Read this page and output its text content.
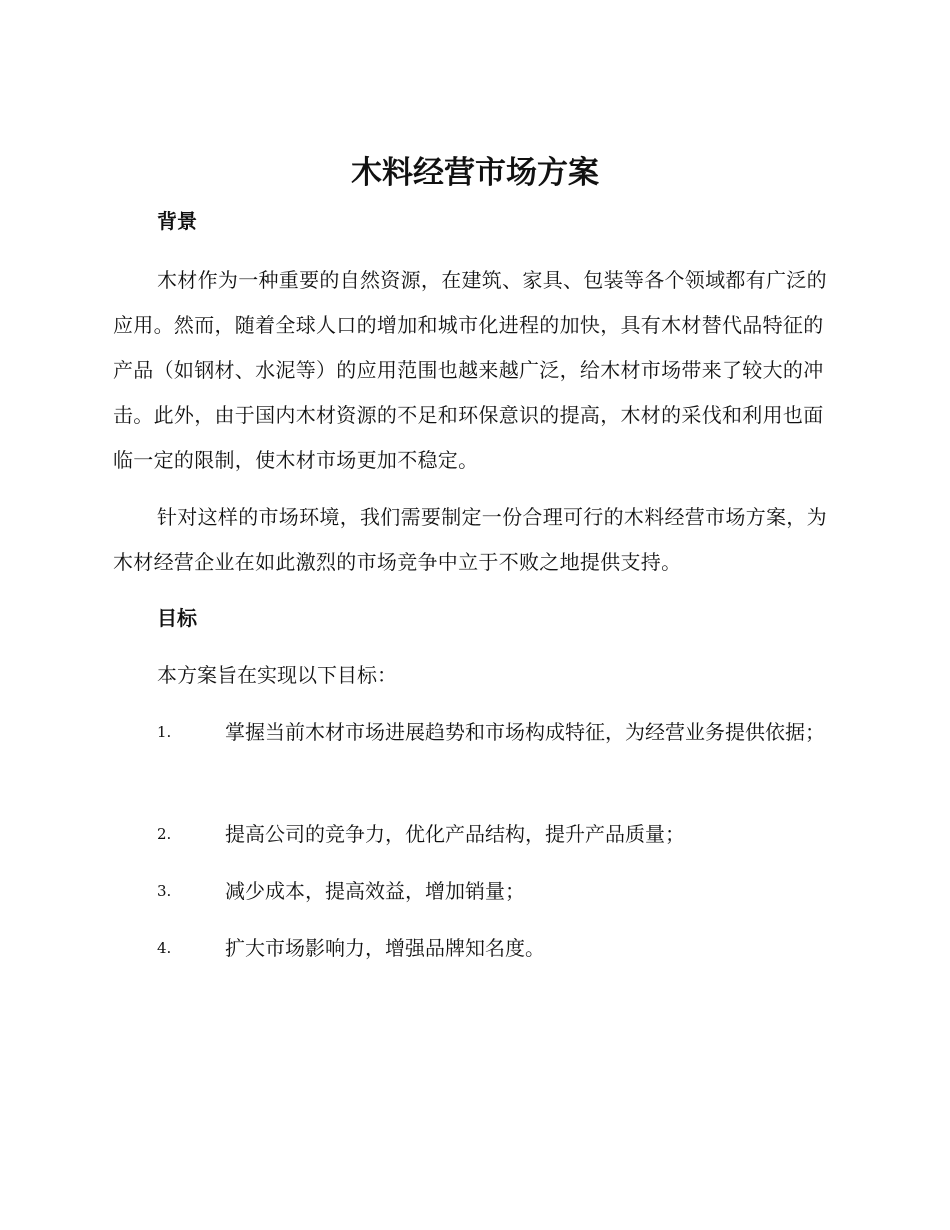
木料经营市场方案
背景

木材作为一种重要的自然资源，在建筑、家具、包装等各个领域都有广泛的应用。然而，随着全球人口的增加和城市化进程的加快，具有木材替代品特征的产品（如钢材、水泥等）的应用范围也越来越广泛，给木材市场带来了较大的冲击。此外，由于国内木材资源的不足和环保意识的提高，木材的采伐和利用也面临一定的限制，使木材市场更加不稳定。

针对这样的市场环境，我们需要制定一份合理可行的木料经营市场方案，为木材经营企业在如此激烈的市场竞争中立于不败之地提供支持。

目标

本方案旨在实现以下目标：

1.	掌握当前木材市场进展趋势和市场构成特征，为经营业务提供依据；
2.	提高公司的竞争力，优化产品结构，提升产品质量；
3.	减少成本，提高效益，增加销量；
4.	扩大市场影响力，增强品牌知名度。
